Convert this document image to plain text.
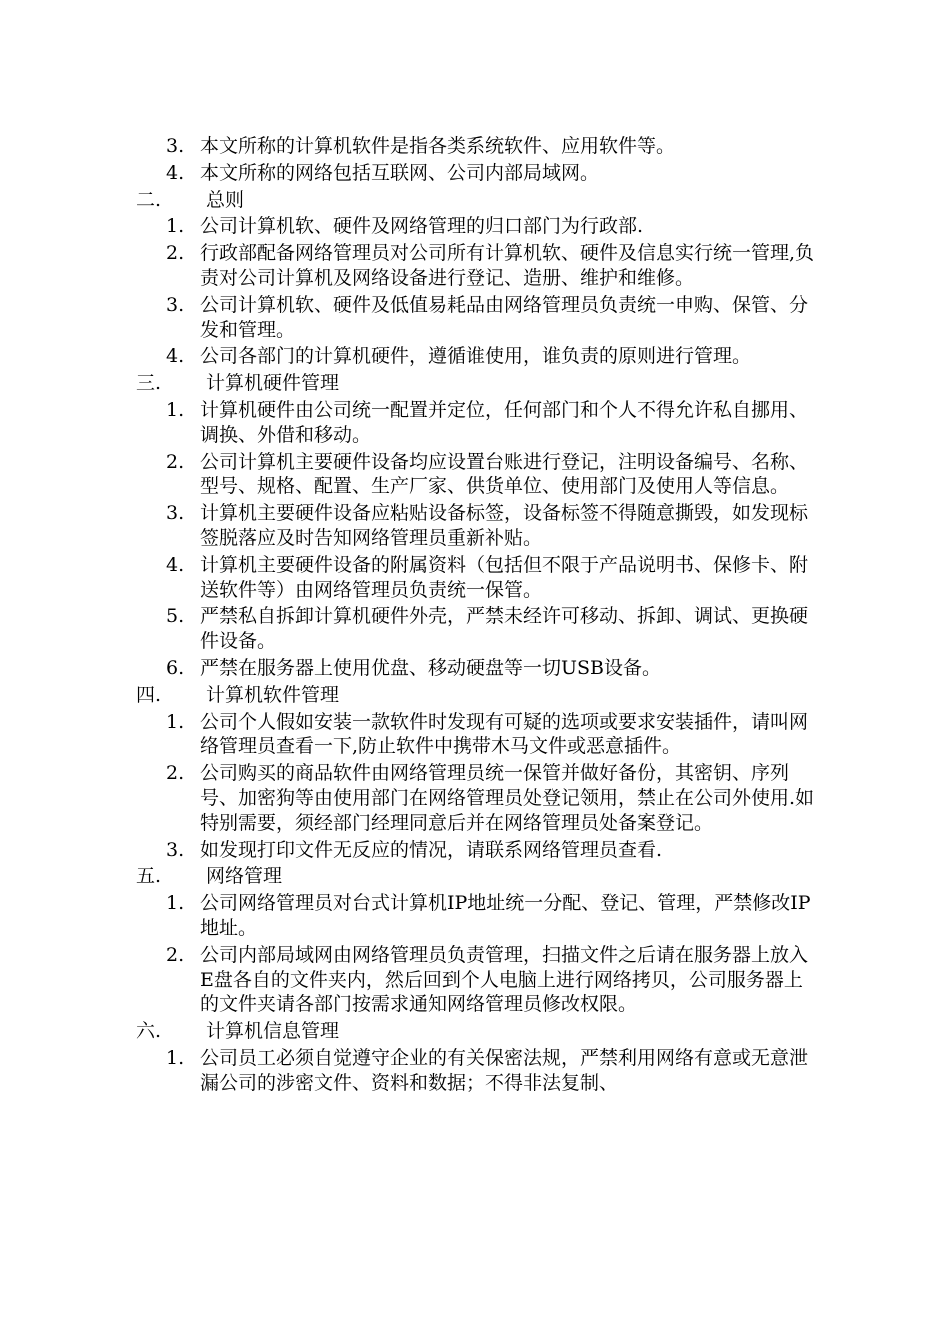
3. 本文所称的计算机软件是指各类系统软件、应用软件等。
4. 本文所称的网络包括互联网、公司内部局域网。
二.	总则
1. 公司计算机软、硬件及网络管理的归口部门为行政部.
2. 行政部配备网络管理员对公司所有计算机软、硬件及信息实行统一管理,负责对公司计算机及网络设备进行登记、造册、维护和维修。
3. 公司计算机软、硬件及低值易耗品由网络管理员负责统一申购、保管、分发和管理。
4. 公司各部门的计算机硬件，遵循谁使用，谁负责的原则进行管理。
三.	计算机硬件管理
1. 计算机硬件由公司统一配置并定位，任何部门和个人不得允许私自挪用、调换、外借和移动。
2. 公司计算机主要硬件设备均应设置台账进行登记，注明设备编号、名称、型号、规格、配置、生产厂家、供货单位、使用部门及使用人等信息。
3. 计算机主要硬件设备应粘贴设备标签，设备标签不得随意撕毁，如发现标签脱落应及时告知网络管理员重新补贴。
4. 计算机主要硬件设备的附属资料（包括但不限于产品说明书、保修卡、附送软件等）由网络管理员负责统一保管。
5. 严禁私自拆卸计算机硬件外壳，严禁未经许可移动、拆卸、调试、更换硬件设备。
6. 严禁在服务器上使用优盘、移动硬盘等一切USB设备。
四.	计算机软件管理
1. 公司个人假如安装一款软件时发现有可疑的选项或要求安装插件，请叫网络管理员查看一下,防止软件中携带木马文件或恶意插件。
2. 公司购买的商品软件由网络管理员统一保管并做好备份，其密钥、序列号、加密狗等由使用部门在网络管理员处登记领用，禁止在公司外使用.如特别需要，须经部门经理同意后并在网络管理员处备案登记。
3. 如发现打印文件无反应的情况，请联系网络管理员查看.
五.	网络管理
1. 公司网络管理员对台式计算机IP地址统一分配、登记、管理，严禁修改IP地址。
2. 公司内部局域网由网络管理员负责管理，扫描文件之后请在服务器上放入E盘各自的文件夹内，然后回到个人电脑上进行网络拷贝，公司服务器上的文件夹请各部门按需求通知网络管理员修改权限。
六.	计算机信息管理
1. 公司员工必须自觉遵守企业的有关保密法规，严禁利用网络有意或无意泄漏公司的涉密文件、资料和数据；不得非法复制、
